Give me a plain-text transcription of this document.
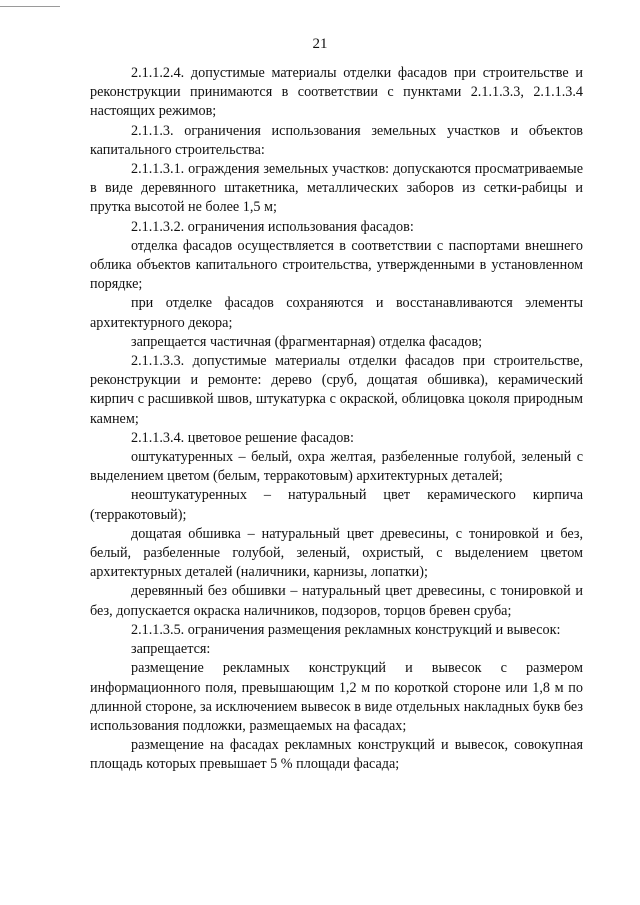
21

2.1.1.2.4. допустимые материалы отделки фасадов при строительстве и реконструкции принимаются в соответствии с пунктами 2.1.1.3.3, 2.1.1.3.4 настоящих режимов;

2.1.1.3. ограничения использования земельных участков и объектов капитального строительства:

2.1.1.3.1. ограждения земельных участков: допускаются просматриваемые в виде деревянного штакетника, металлических заборов из сетки-рабицы и прутка высотой не более 1,5 м;

2.1.1.3.2. ограничения использования фасадов:

отделка фасадов осуществляется в соответствии с паспортами внешнего облика объектов капитального строительства, утвержденными в установленном порядке;

при отделке фасадов сохраняются и восстанавливаются элементы архитектурного декора;

запрещается частичная (фрагментарная) отделка фасадов;

2.1.1.3.3. допустимые материалы отделки фасадов при строительстве, реконструкции и ремонте: дерево (сруб, дощатая обшивка), керамический кирпич с расшивкой швов, штукатурка с окраской, облицовка цоколя природным камнем;

2.1.1.3.4. цветовое решение фасадов:

оштукатуренных – белый, охра желтая, разбеленные голубой, зеленый с выделением цветом (белым, терракотовым) архитектурных деталей;

неоштукатуренных – натуральный цвет керамического кирпича (терракотовый);

дощатая обшивка – натуральный цвет древесины, с тонировкой и без, белый, разбеленные голубой, зеленый, охристый, с выделением цветом архитектурных деталей (наличники, карнизы, лопатки);

деревянный без обшивки – натуральный цвет древесины, с тонировкой и без, допускается окраска наличников, подзоров, торцов бревен сруба;

2.1.1.3.5. ограничения размещения рекламных конструкций и вывесок:

запрещается:

размещение рекламных конструкций и вывесок с размером информационного поля, превышающим 1,2 м по короткой стороне или 1,8 м по длинной стороне, за исключением вывесок в виде отдельных накладных букв без использования подложки, размещаемых на фасадах;

размещение на фасадах рекламных конструкций и вывесок, совокупная площадь которых превышает 5 % площади фасада;
